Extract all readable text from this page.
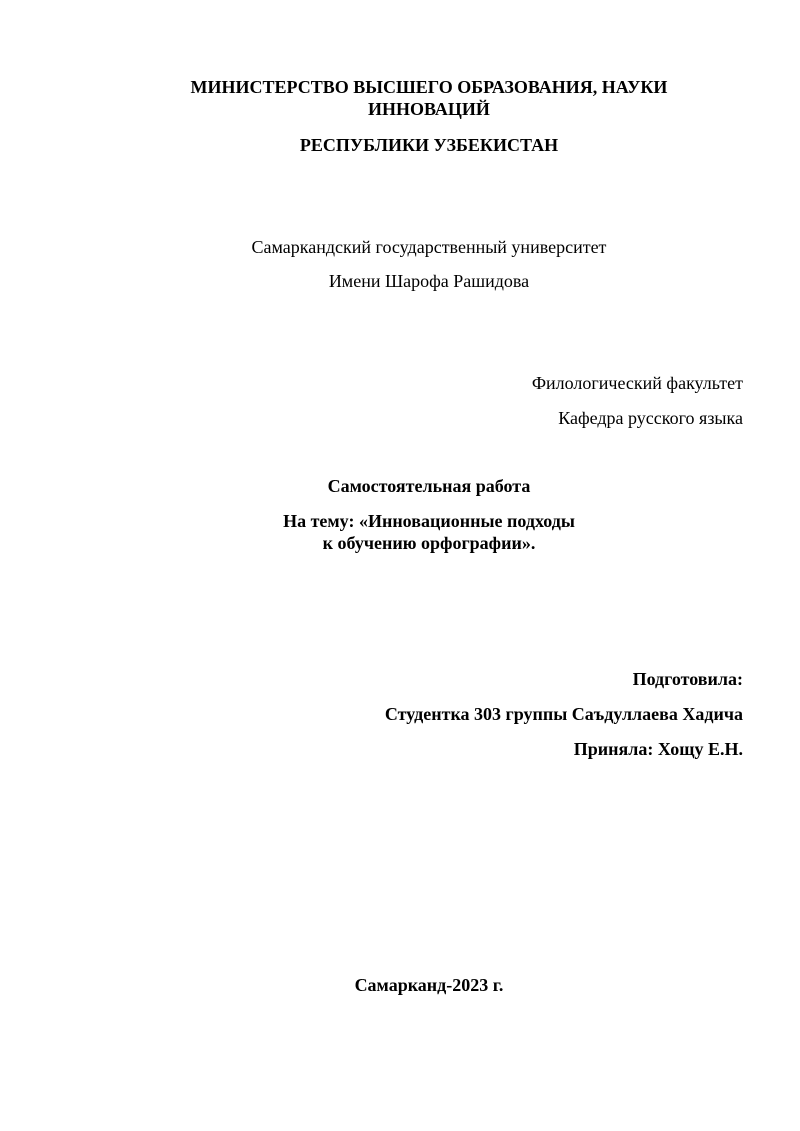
МИНИСТЕРСТВО ВЫСШЕГО ОБРАЗОВАНИЯ, НАУКИ
ИННОВАЦИЙ
РЕСПУБЛИКИ УЗБЕКИСТАН
Самаркандский государственный университет
Имени Шарофа Рашидова
Филологический факультет
Кафедра русского языка
Самостоятельная работа
На тему: «Инновационные подходы
к обучению орфографии».
Подготовила:
Студентка 303 группы Саъдуллаева Хадича
Приняла: Хощу Е.Н.
Самарканд-2023 г.
